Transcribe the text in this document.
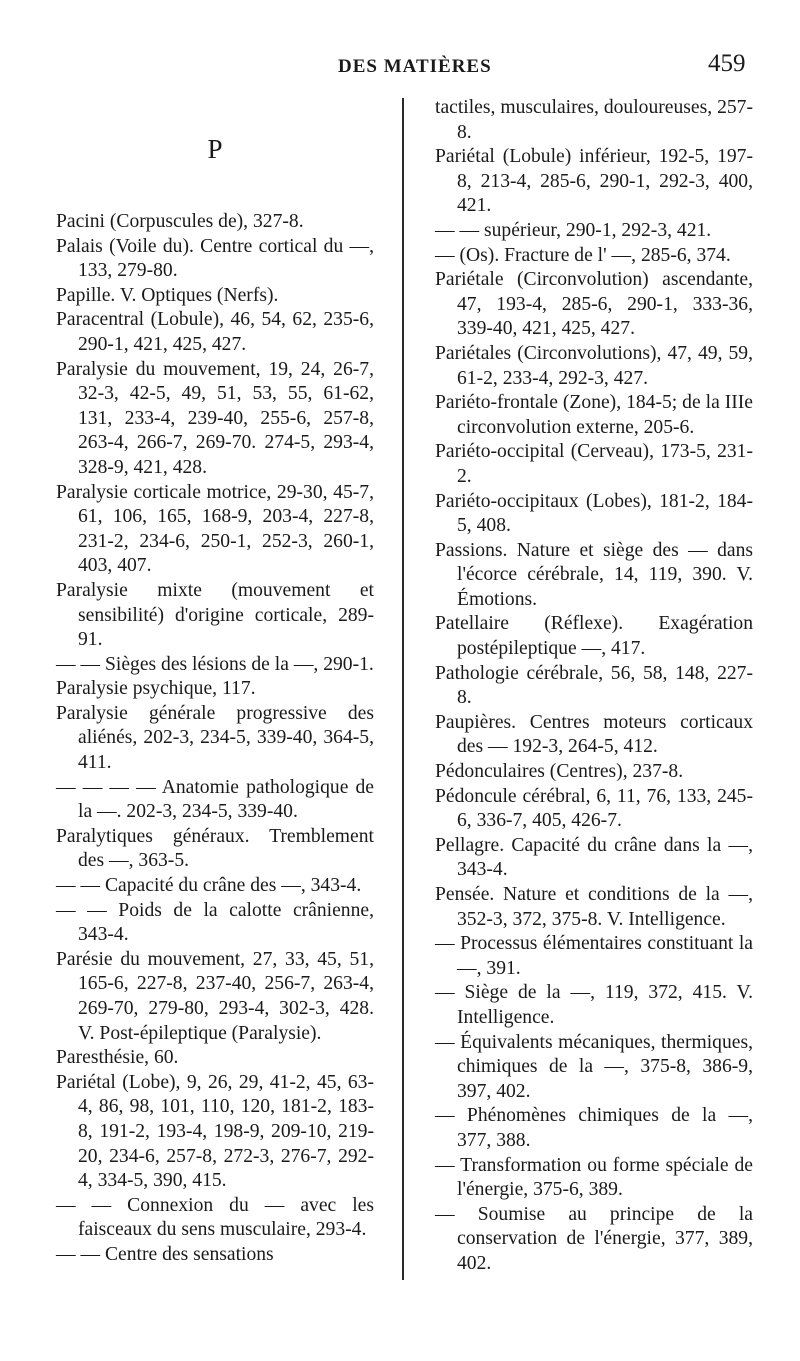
DES MATIÈRES	459
P

Pacini (Corpuscules de), 327-8.

Palais (Voile du). Centre cortical du —, 133, 279-80.

Papille. V. Optiques (Nerfs).

Paracentral (Lobule), 46, 54, 62, 235-6, 290-1, 421, 425, 427.

Paralysie du mouvement, 19, 24, 26-7, 32-3, 42-5, 49, 51, 53, 55, 61-62, 131, 233-4, 239-40, 255-6, 257-8, 263-4, 266-7, 269-70. 274-5, 293-4, 328-9, 421, 428.

Paralysie corticale motrice, 29-30, 45-7, 61, 106, 165, 168-9, 203-4, 227-8, 231-2, 234-6, 250-1, 252-3, 260-1, 403, 407.

Paralysie mixte (mouvement et sensibilité) d'origine corticale, 289-91.

— — Sièges des lésions de la —, 290-1.

Paralysie psychique, 117.

Paralysie générale progressive des aliénés, 202-3, 234-5, 339-40, 364-5, 411.

— — — — Anatomie pathologique de la —. 202-3, 234-5, 339-40.

Paralytiques généraux. Tremblement des —, 363-5.

— — Capacité du crâne des —, 343-4.

— — Poids de la calotte crânienne, 343-4.

Parésie du mouvement, 27, 33, 45, 51, 165-6, 227-8, 237-40, 256-7, 263-4, 269-70, 279-80, 293-4, 302-3, 428. V. Post-épileptique (Paralysie).

Paresthésie, 60.

Pariétal (Lobe), 9, 26, 29, 41-2, 45, 63-4, 86, 98, 101, 110, 120, 181-2, 183-8, 191-2, 193-4, 198-9, 209-10, 219-20, 234-6, 257-8, 272-3, 276-7, 292-4, 334-5, 390, 415.

— — Connexion du — avec les faisceaux du sens musculaire, 293-4.

— — Centre des sensations

tactiles, musculaires, douloureuses, 257-8.

Pariétal (Lobule) inférieur, 192-5, 197-8, 213-4, 285-6, 290-1, 292-3, 400, 421.

— — supérieur, 290-1, 292-3, 421.

— (Os). Fracture de l' —, 285-6, 374.

Pariétale (Circonvolution) ascendante, 47, 193-4, 285-6, 290-1, 333-36, 339-40, 421, 425, 427.

Pariétales (Circonvolutions), 47, 49, 59, 61-2, 233-4, 292-3, 427.

Pariéto-frontale (Zone), 184-5; de la IIIe circonvolution externe, 205-6.

Pariéto-occipital (Cerveau), 173-5, 231-2.

Pariéto-occipitaux (Lobes), 181-2, 184-5, 408.

Passions. Nature et siège des — dans l'écorce cérébrale, 14, 119, 390. V. Émotions.

Patellaire (Réflexe). Exagération postépileptique —, 417.

Pathologie cérébrale, 56, 58, 148, 227-8.

Paupières. Centres moteurs corticaux des — 192-3, 264-5, 412.

Pédonculaires (Centres), 237-8.

Pédoncule cérébral, 6, 11, 76, 133, 245-6, 336-7, 405, 426-7.

Pellagre. Capacité du crâne dans la —, 343-4.

Pensée. Nature et conditions de la —, 352-3, 372, 375-8. V. Intelligence.

— Processus élémentaires constituant la —, 391.

— Siège de la —, 119, 372, 415. V. Intelligence.

— Équivalents mécaniques, thermiques, chimiques de la —, 375-8, 386-9, 397, 402.

— Phénomènes chimiques de la —, 377, 388.

— Transformation ou forme spéciale de l'énergie, 375-6, 389.

— Soumise au principe de la conservation de l'énergie, 377, 389, 402.
